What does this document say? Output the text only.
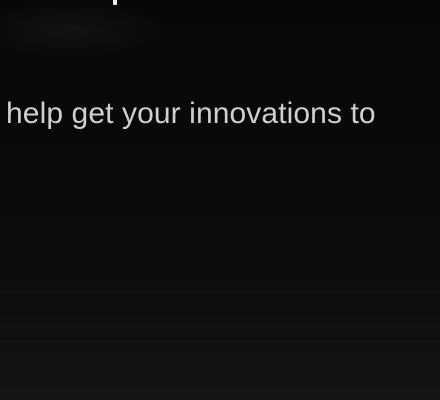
help get your innovations to
